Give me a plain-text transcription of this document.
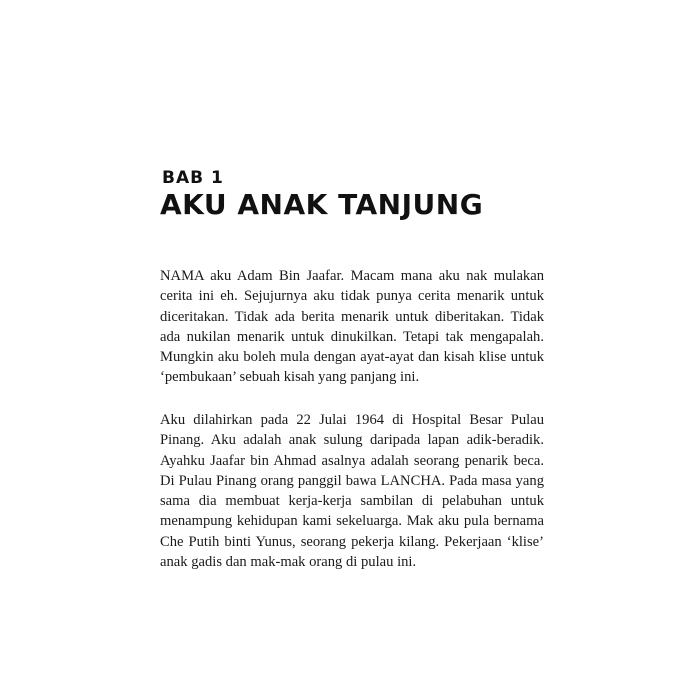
BAB 1
AKU ANAK TANJUNG

NAMA aku Adam Bin Jaafar. Macam mana aku nak mulakan
cerita ini eh. Sejujurnya aku tidak punya cerita menarik untuk
diceritakan. Tidak ada berita menarik untuk diberitakan. Tidak
ada nukilan menarik untuk dinukilkan. Tetapi tak mengapalah.
Mungkin aku boleh mula dengan ayat-ayat dan kisah klise untuk
‘pembukaan’ sebuah kisah yang panjang ini.

Aku dilahirkan pada 22 Julai 1964 di Hospital Besar Pulau
Pinang. Aku adalah anak sulung daripada lapan adik-beradik.
Ayahku Jaafar bin Ahmad asalnya adalah seorang penarik beca.
Di Pulau Pinang orang panggil bawa LANCHA. Pada masa yang
sama dia membuat kerja-kerja sambilan di pelabuhan untuk
menampung kehidupan kami sekeluarga. Mak aku pula bernama
Che Putih binti Yunus, seorang pekerja kilang. Pekerjaan ‘klise’
anak gadis dan mak-mak orang di pulau ini.
